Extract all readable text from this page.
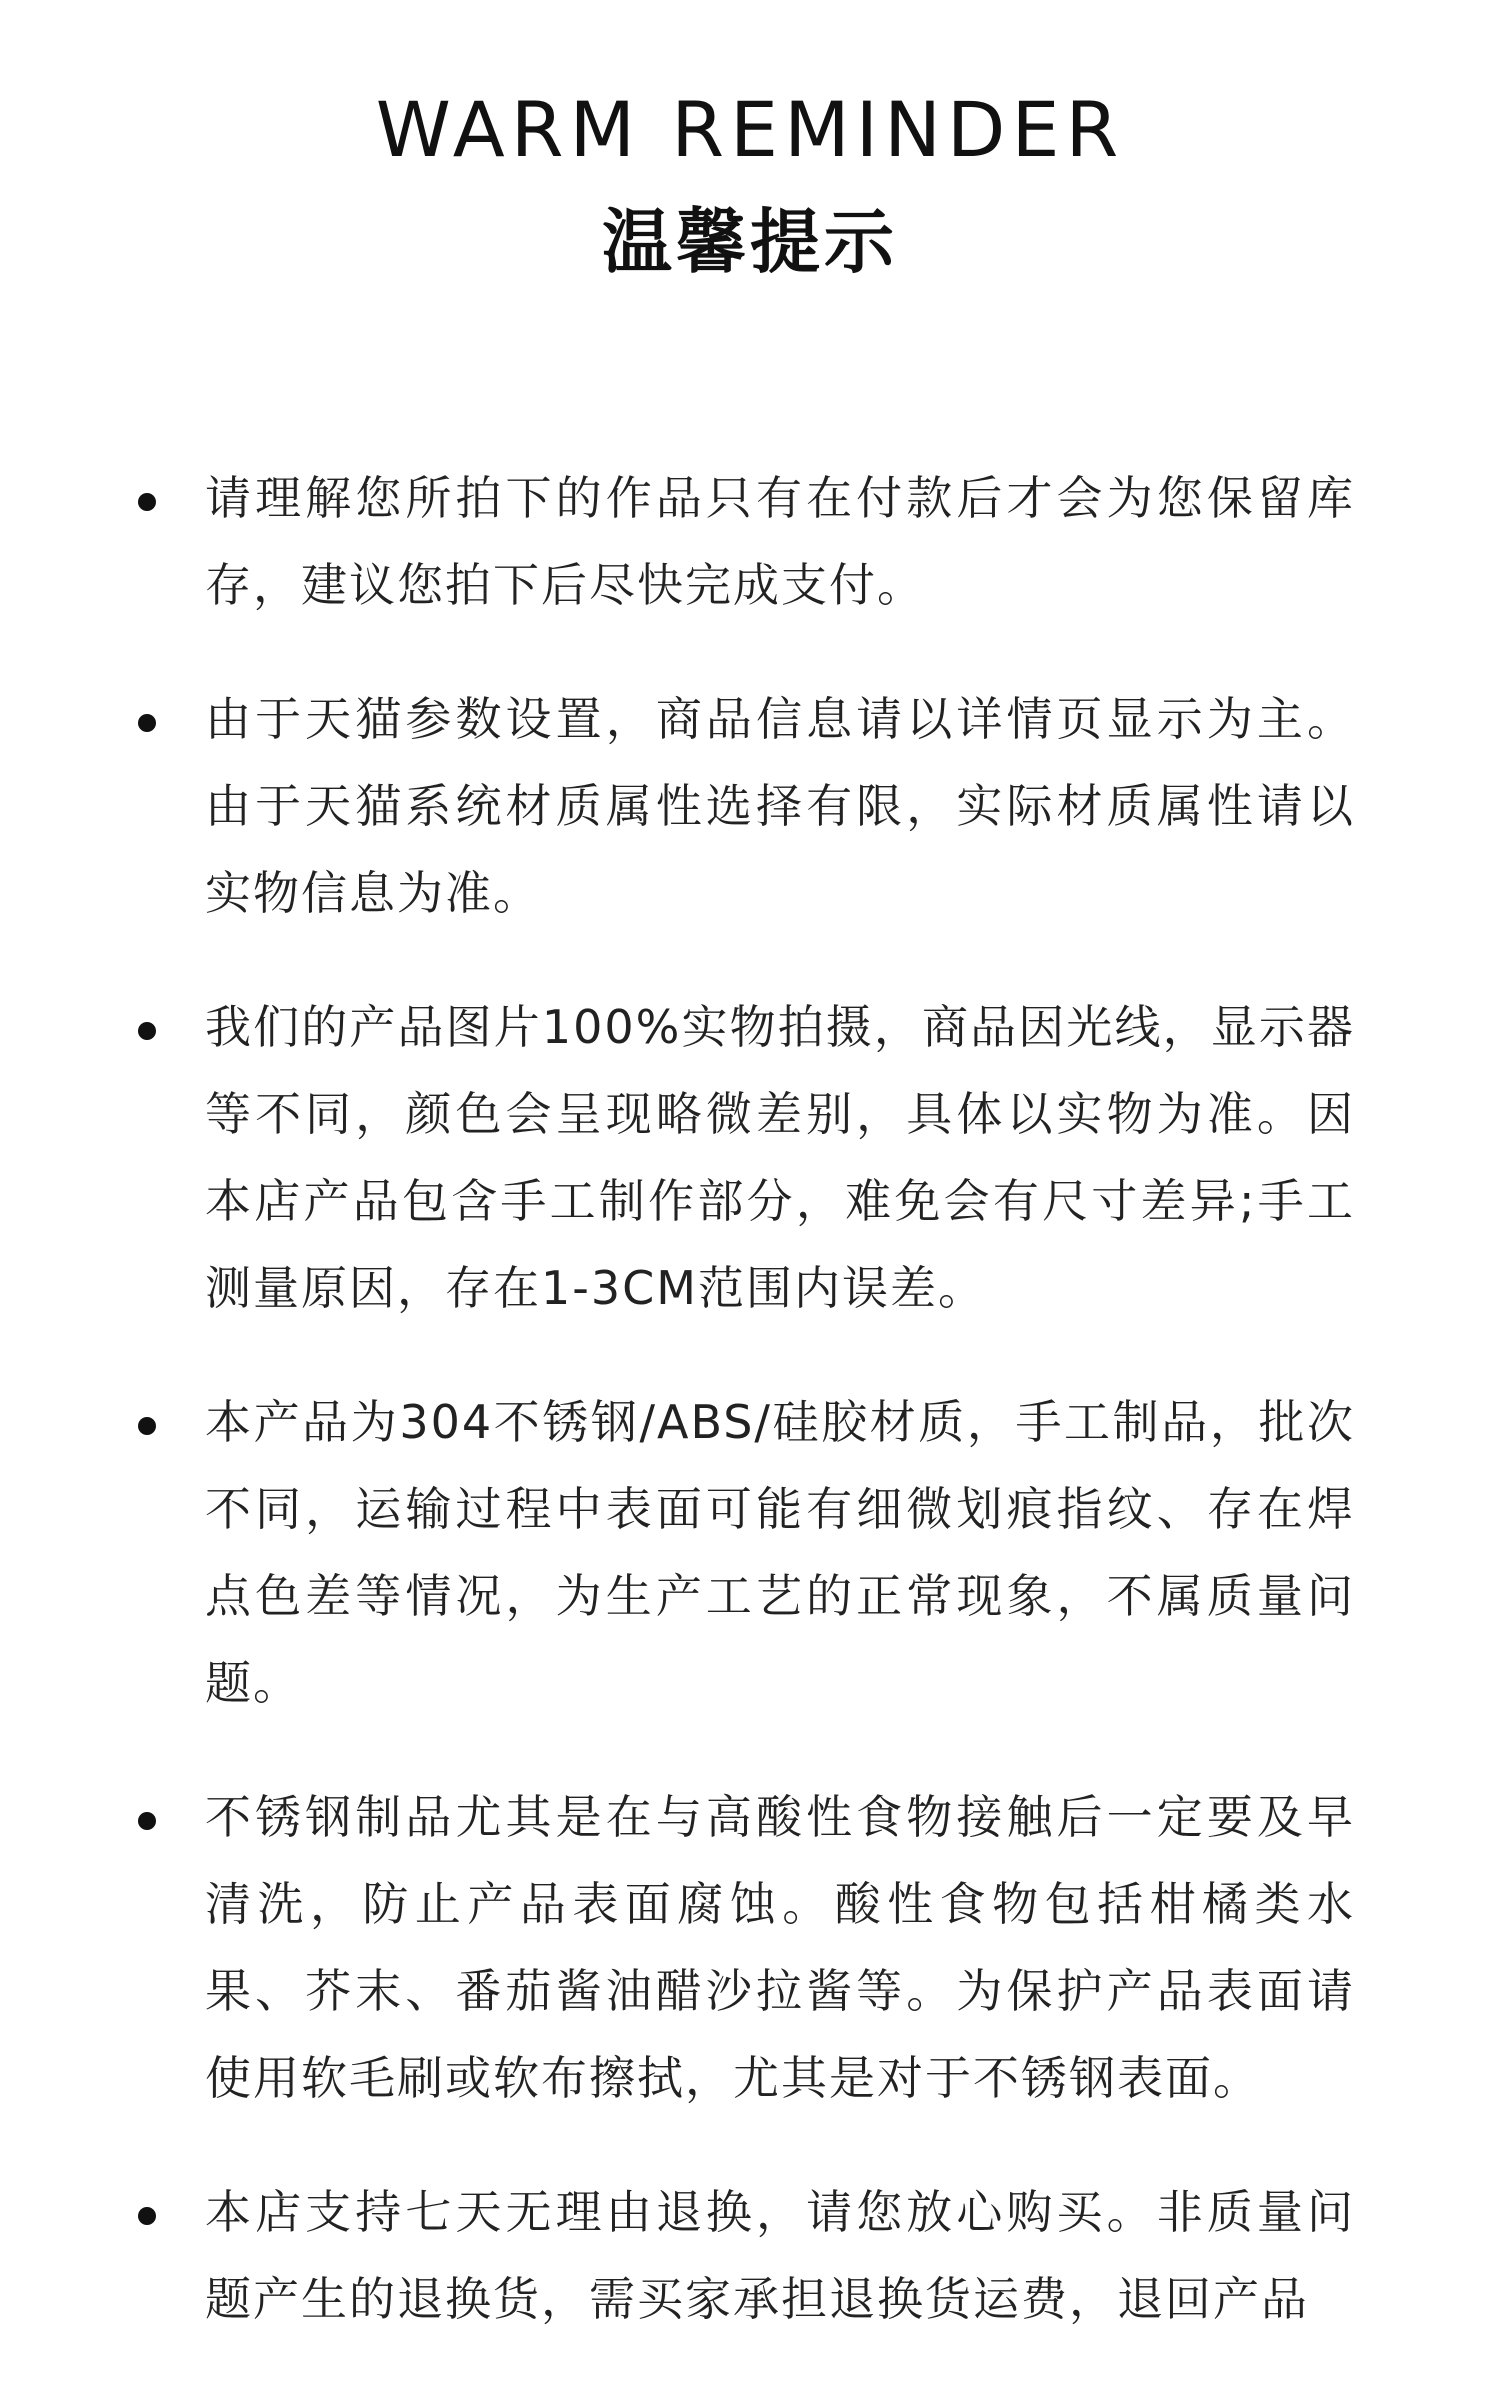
WARM REMINDER
温馨提示

请理解您所拍下的作品只有在付款后才会为您保留库存，建议您拍下后尽快完成支付。

由于天猫参数设置，商品信息请以详情页显示为主。由于天猫系统材质属性选择有限，实际材质属性请以实物信息为准。

我们的产品图片100%实物拍摄，商品因光线，显示器等不同，颜色会呈现略微差别，具体以实物为准。因本店产品包含手工制作部分，难免会有尺寸差异;手工测量原因，存在1-3CM范围内误差。

本产品为304不锈钢/ABS/硅胶材质，手工制品，批次不同，运输过程中表面可能有细微划痕指纹、存在焊点色差等情况，为生产工艺的正常现象，不属质量问题。

不锈钢制品尤其是在与高酸性食物接触后一定要及早清洗，防止产品表面腐蚀。酸性食物包括柑橘类水果、芥末、番茄酱油醋沙拉酱等。为保护产品表面请使用软毛刷或软布擦拭，尤其是对于不锈钢表面。

本店支持七天无理由退换，请您放心购买。非质量问题产生的退换货，需买家承担退换货运费，退回产品
